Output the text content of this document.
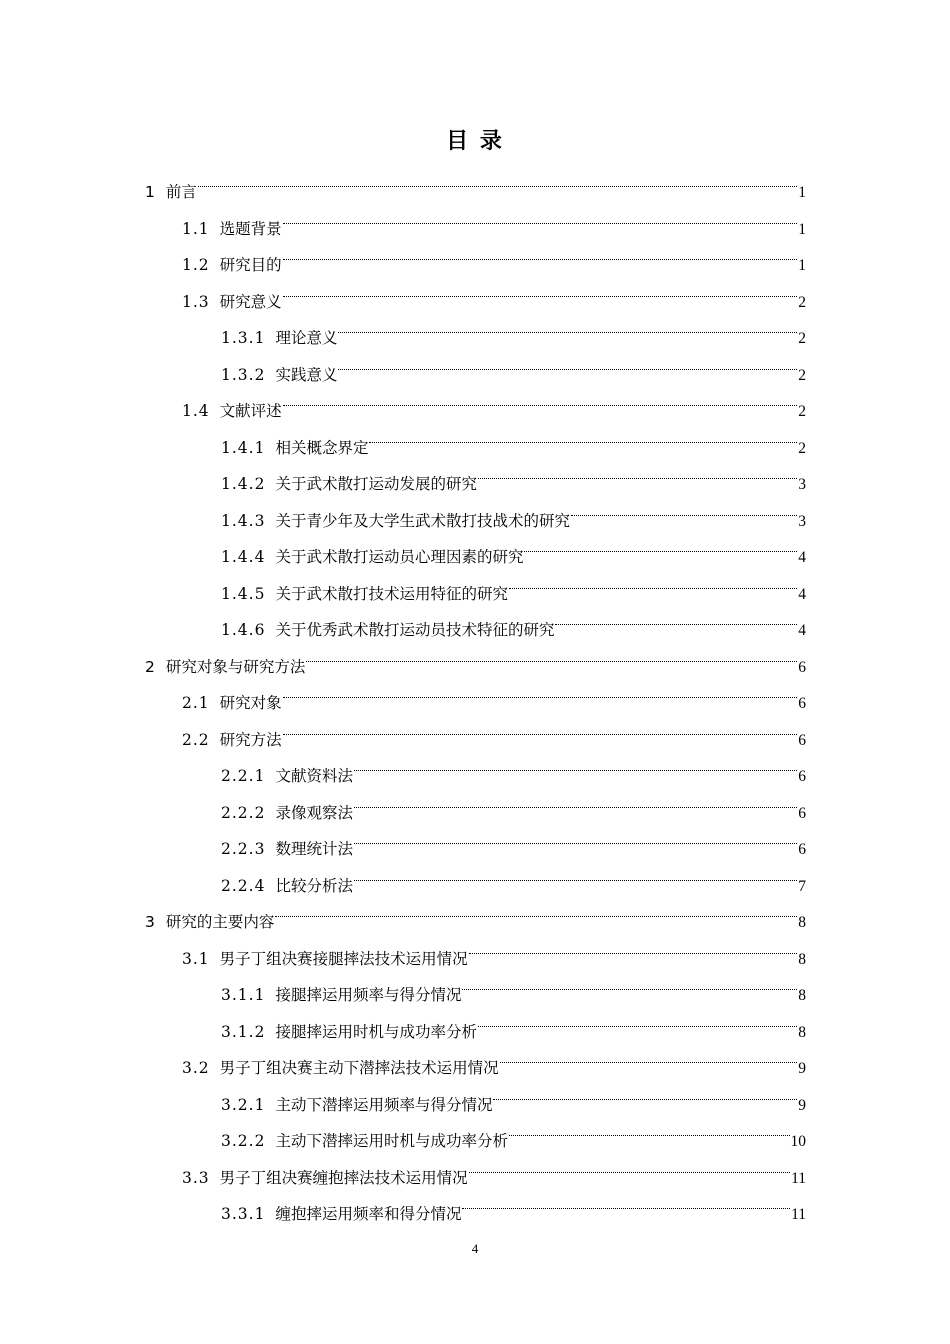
目 录
1 前言	1
1.1 选题背景	1
1.2 研究目的	1
1.3 研究意义	2
1.3.1 理论意义	2
1.3.2 实践意义	2
1.4 文献评述	2
1.4.1 相关概念界定	2
1.4.2 关于武术散打运动发展的研究	3
1.4.3 关于青少年及大学生武术散打技战术的研究	3
1.4.4 关于武术散打运动员心理因素的研究	4
1.4.5 关于武术散打技术运用特征的研究	4
1.4.6 关于优秀武术散打运动员技术特征的研究	4
2 研究对象与研究方法	6
2.1 研究对象	6
2.2 研究方法	6
2.2.1 文献资料法	6
2.2.2 录像观察法	6
2.2.3 数理统计法	6
2.2.4 比较分析法	7
3 研究的主要内容	8
3.1 男子丁组决赛接腿摔法技术运用情况	8
3.1.1 接腿摔运用频率与得分情况	8
3.1.2 接腿摔运用时机与成功率分析	8
3.2 男子丁组决赛主动下潜摔法技术运用情况	9
3.2.1 主动下潜摔运用频率与得分情况	9
3.2.2 主动下潜摔运用时机与成功率分析	10
3.3 男子丁组决赛缠抱摔法技术运用情况	11
3.3.1 缠抱摔运用频率和得分情况	11
4
